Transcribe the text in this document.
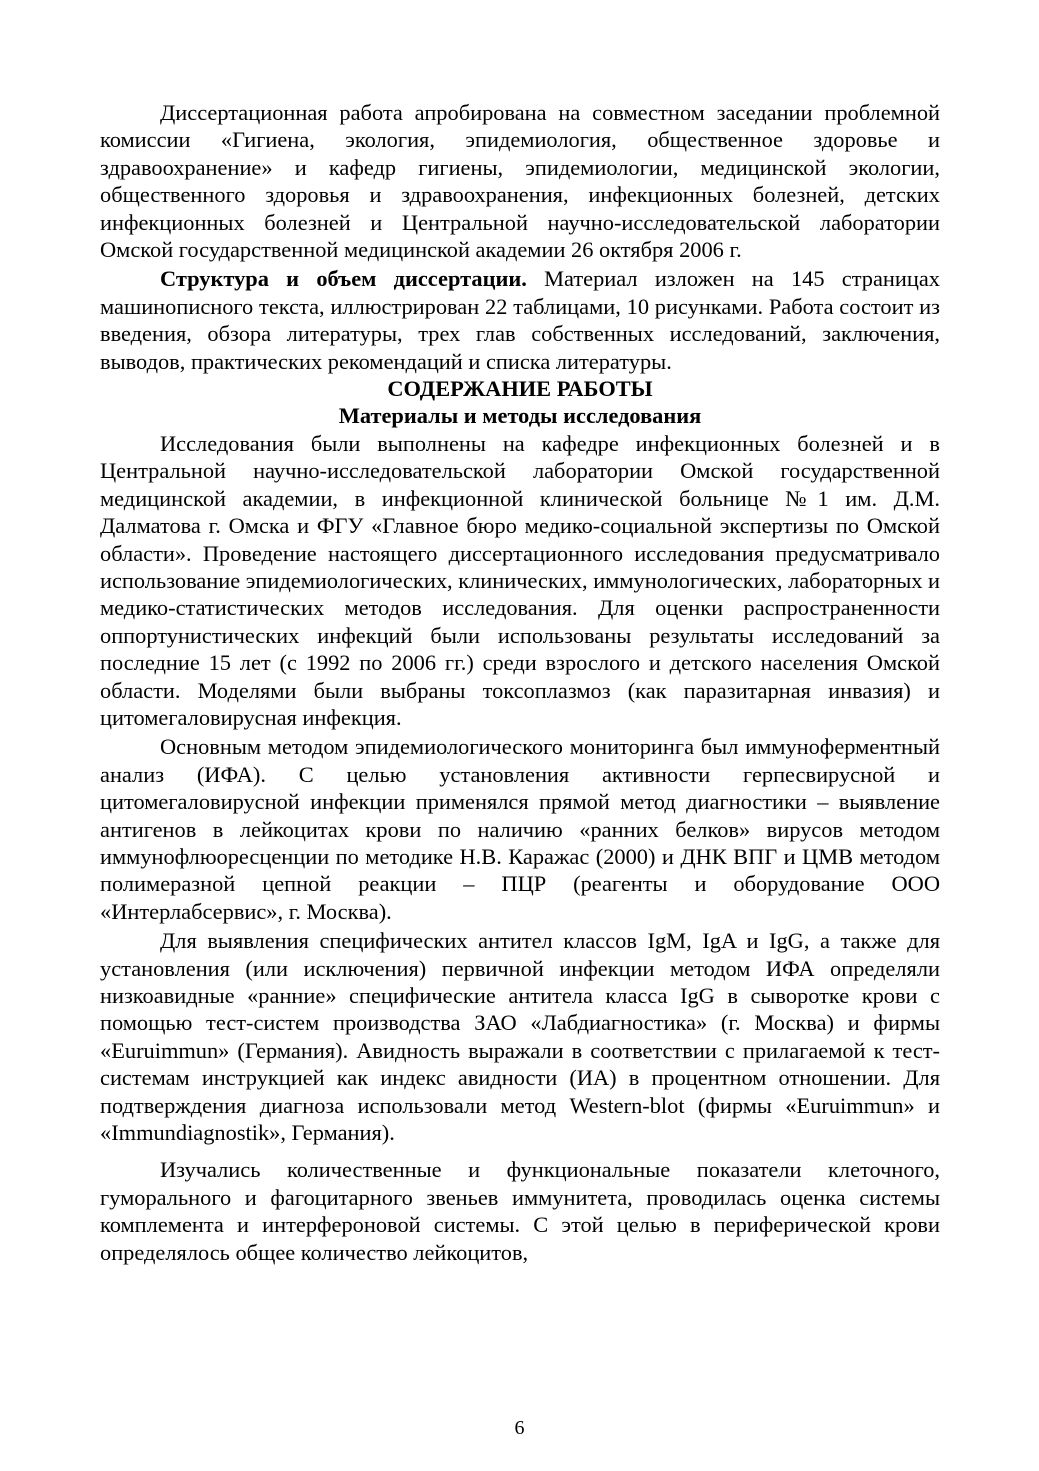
Диссертационная работа апробирована на совместном заседании проблемной комиссии «Гигиена, экология, эпидемиология, общественное здоровье и здравоохранение» и кафедр гигиены, эпидемиологии, медицинской экологии, общественного здоровья и здравоохранения, инфекционных болезней, детских инфекционных болезней и Центральной научно-исследовательской лаборатории Омской государственной медицинской академии 26 октября 2006 г.

Структура и объем диссертации. Материал изложен на 145 страницах машинописного текста, иллюстрирован 22 таблицами, 10 рисунками. Работа состоит из введения, обзора литературы, трех глав собственных исследований, заключения, выводов, практических рекомендаций и списка литературы.

СОДЕРЖАНИЕ РАБОТЫ

Материалы и методы исследования

Исследования были выполнены на кафедре инфекционных болезней и в Центральной научно-исследовательской лаборатории Омской государственной медицинской академии, в инфекционной клинической больнице №1 им. Д.М. Далматова г. Омска и ФГУ «Главное бюро медико-социальной экспертизы по Омской области». Проведение настоящего диссертационного исследования предусматривало использование эпидемиологических, клинических, иммунологических, лабораторных и медико-статистических методов исследования. Для оценки распространенности оппортунистических инфекций были использованы результаты исследований за последние 15 лет (с 1992 по 2006 гг.) среди взрослого и детского населения Омской области. Моделями были выбраны токсоплазмоз (как паразитарная инвазия) и цитомегаловирусная инфекция.

Основным методом эпидемиологического мониторинга был иммуноферментный анализ (ИФА). С целью установления активности герпесвирусной и цитомегаловирусной инфекции применялся прямой метод диагностики – выявление антигенов в лейкоцитах крови по наличию «ранних белков» вирусов методом иммунофлюоресценции по методике Н.В. Каражас (2000) и ДНК ВПГ и ЦМВ методом полимеразной цепной реакции – ПЦР (реагенты и оборудование ООО «Интерлабсервис», г. Москва).

Для выявления специфических антител классов IgM, IgA и IgG, а также для установления (или исключения) первичной инфекции методом ИФА определяли низкоавидные «ранние» специфические антитела класса IgG в сыворотке крови с помощью тест-систем производства ЗАО «Лабдиагностика» (г. Москва) и фирмы «Euruimmun» (Германия). Авидность выражали в соответствии с прилагаемой к тест-системам инструкцией как индекс авидности (ИА) в процентном отношении. Для подтверждения диагноза использовали метод Western-blot (фирмы «Euruimmun» и «Immundiagnostik», Германия).

Изучались количественные и функциональные показатели клеточного, гуморального и фагоцитарного звеньев иммунитета, проводилась оценка системы комплемента и интерфероновой системы. С этой целью в периферической крови определялось общее количество лейкоцитов,

6
